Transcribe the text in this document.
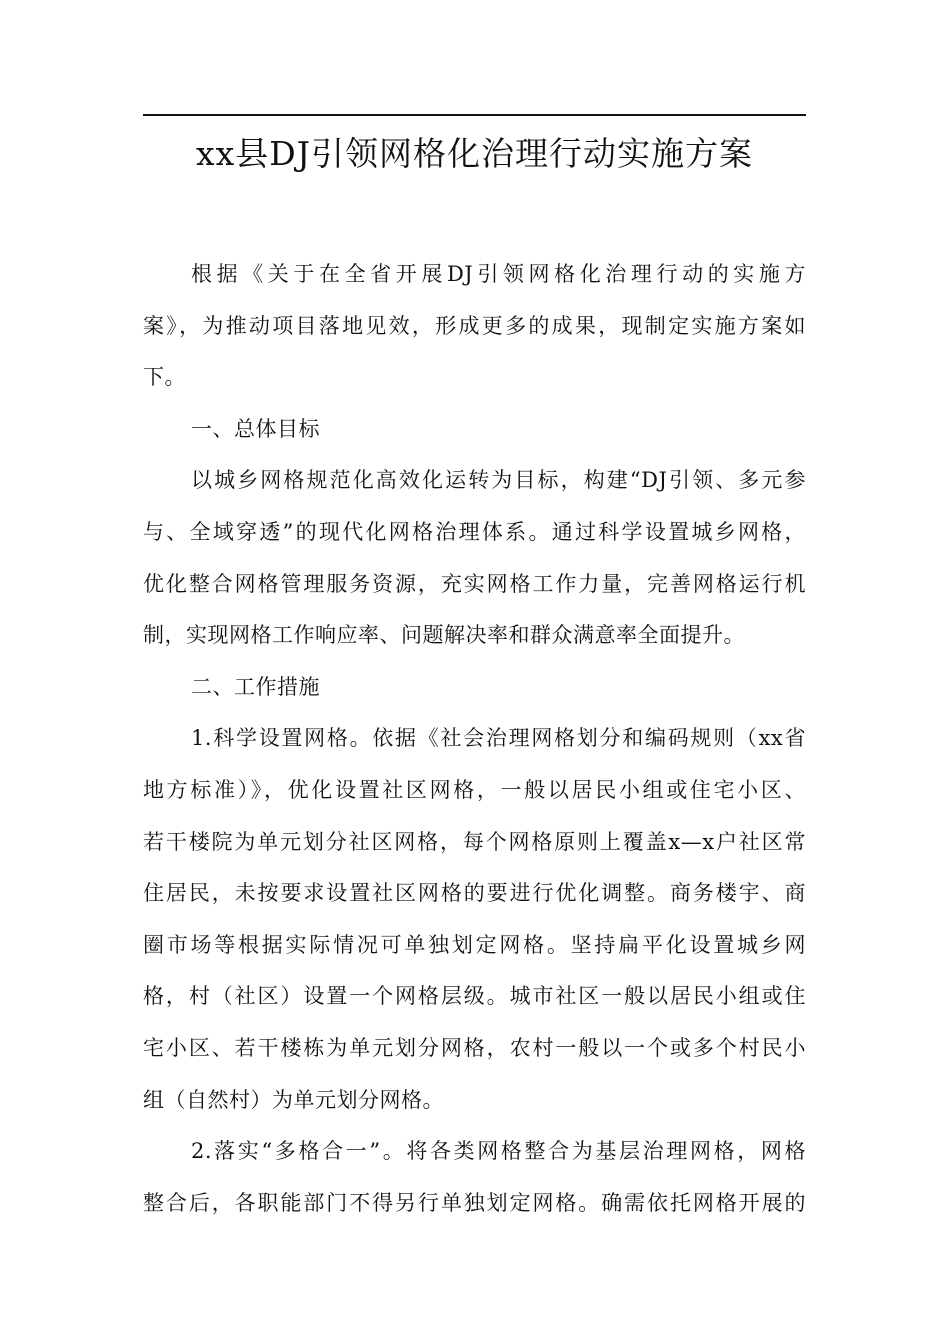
xx县DJ引领网格化治理行动实施方案
根据《关于在全省开展DJ引领网格化治理行动的实施方
案》，为推动项目落地见效，形成更多的成果，现制定实施方案如
下。
一、总体目标
以城乡网格规范化高效化运转为目标，构建“DJ引领、多元参
与、全域穿透”的现代化网格治理体系。通过科学设置城乡网格，
优化整合网格管理服务资源，充实网格工作力量，完善网格运行机
制，实现网格工作响应率、问题解决率和群众满意率全面提升。
二、工作措施
1.科学设置网格。依据《社会治理网格划分和编码规则（xx省
地方标准）》，优化设置社区网格，一般以居民小组或住宅小区、
若干楼院为单元划分社区网格，每个网格原则上覆盖x—x户社区常
住居民，未按要求设置社区网格的要进行优化调整。商务楼宇、商
圈市场等根据实际情况可单独划定网格。坚持扁平化设置城乡网
格，村（社区）设置一个网格层级。城市社区一般以居民小组或住
宅小区、若干楼栋为单元划分网格，农村一般以一个或多个村民小
组（自然村）为单元划分网格。
2.落实“多格合一”。将各类网格整合为基层治理网格，网格
整合后，各职能部门不得另行单独划定网格。确需依托网格开展的
